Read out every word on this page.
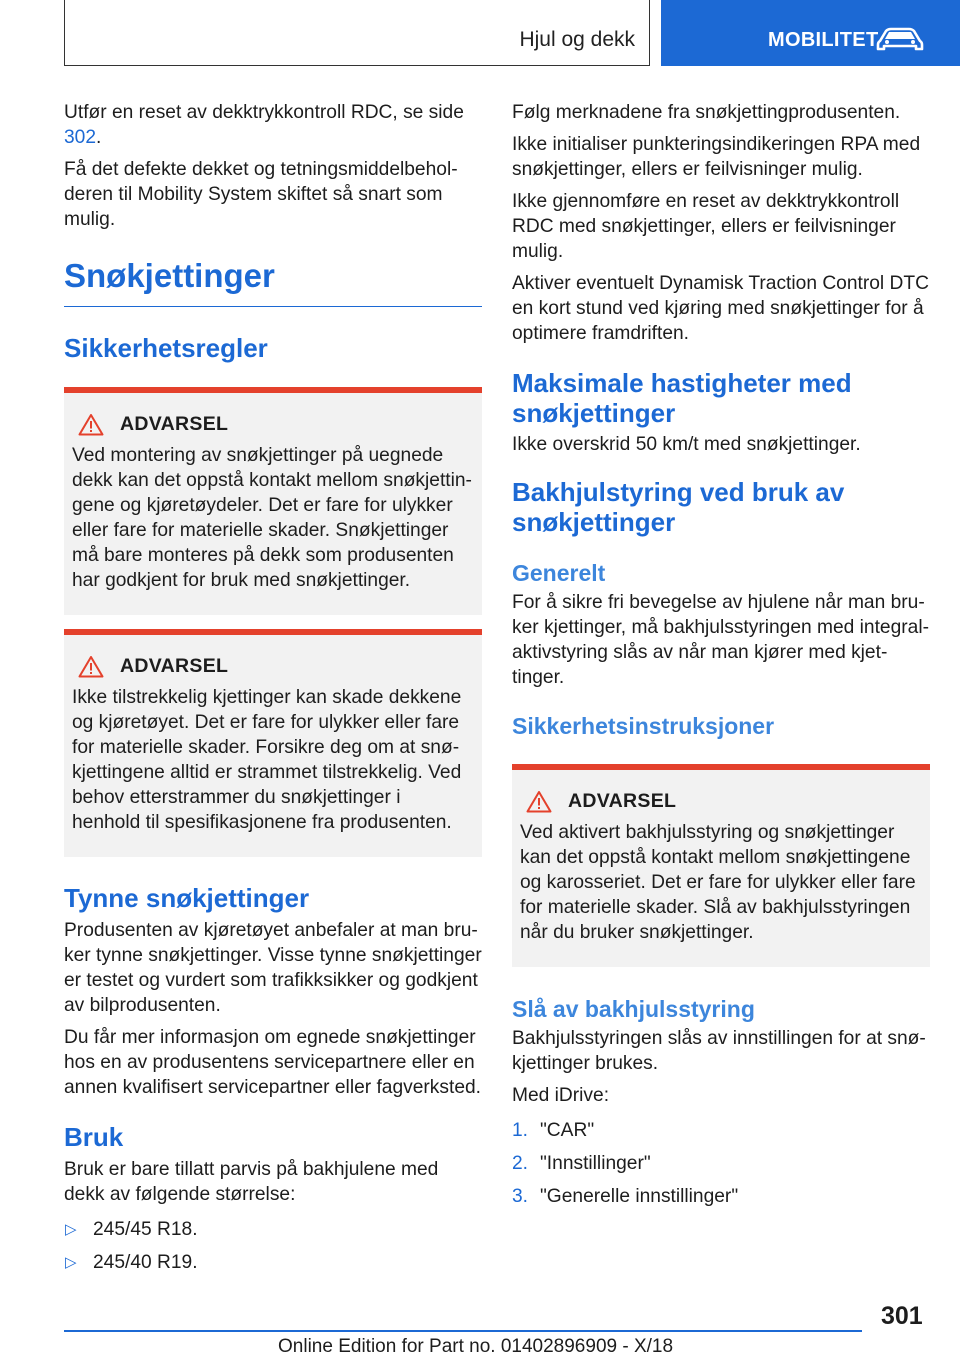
Hjul og dekk	MOBILITET

Utfør en reset av dekktrykkontroll RDC, se side 302.

Få det defekte dekket og tetningsmiddelbeholderen til Mobility System skiftet så snart som mulig.

Snøkjettinger
Sikkerhetsregler
ADVARSEL

Ved montering av snøkjettinger på uegnede dekk kan det oppstå kontakt mellom snøkjettingene og kjøretøydeler. Det er fare for ulykker eller fare for materielle skader. Snøkjettinger må bare monteres på dekk som produsenten har godkjent for bruk med snøkjettinger.

ADVARSEL

Ikke tilstrekkelig kjettinger kan skade dekkene og kjøretøyet. Det er fare for ulykker eller fare for materielle skader. Forsikre deg om at snøkjettingene alltid er strammet tilstrekkelig. Ved behov etterstrammer du snøkjettinger i henhold til spesifikasjonene fra produsenten.

Tynne snøkjettinger

Produsenten av kjøretøyet anbefaler at man bruker tynne snøkjettinger. Visse tynne snøkjettinger er testet og vurdert som trafikksikker og godkjent av bilprodusenten.

Du får mer informasjon om egnede snøkjettinger hos en av produsentens servicepartnere eller en annen kvalifisert servicepartner eller fagverksted.

Bruk

Bruk er bare tillatt parvis på bakhjulene med dekk av følgende størrelse:

▷ 245/45 R18.
▷ 245/40 R19.

Følg merknadene fra snøkjettingprodusenten.

Ikke initialiser punkteringsindikeringen RPA med snøkjettinger, ellers er feilvisninger mulig.

Ikke gjennomføre en reset av dekktrykkontroll RDC med snøkjettinger, ellers er feilvisninger mulig.

Aktiver eventuelt Dynamisk Traction Control DTC en kort stund ved kjøring med snøkjettinger for å optimere framdriften.

Maksimale hastigheter med snøkjettinger

Ikke overskrid 50 km/t med snøkjettinger.

Bakhjulstyring ved bruk av snøkjettinger
Generelt

For å sikre fri bevegelse av hjulene når man bruker kjettinger, må bakhjulsstyringen med integral-aktivstyring slås av når man kjører med kjettinger.

Sikkerhetsinstruksjoner
ADVARSEL

Ved aktivert bakhjulsstyring og snøkjettinger kan det oppstå kontakt mellom snøkjettingene og karosseriet. Det er fare for ulykker eller fare for materielle skader. Slå av bakhjulsstyringen når du bruker snøkjettinger.

Slå av bakhjulsstyring

Bakhjulsstyringen slås av innstillingen for at snøkjettinger brukes.

Med iDrive:

1. "CAR"
2. "Innstillinger"
3. "Generelle innstillinger"
301
Online Edition for Part no. 01402896909 - X/18
